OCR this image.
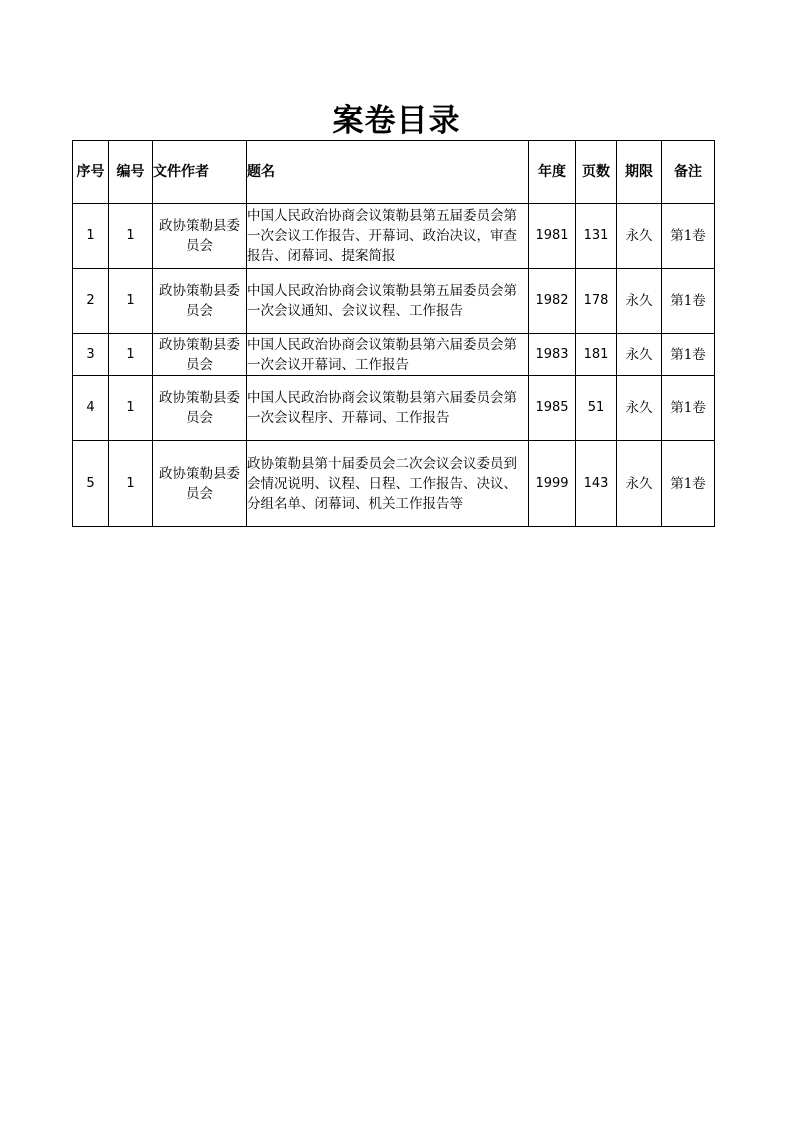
案卷目录
序号	编号	文件作者	题名	年度	页数	期限	备注
1	1	政协策勒县委员会	中国人民政治协商会议策勒县第五届委员会第一次会议工作报告、开幕词、政治决议，审查报告、闭幕词、提案简报	1981	131	永久	第1卷
2	1	政协策勒县委员会	中国人民政治协商会议策勒县第五届委员会第一次会议通知、会议议程、工作报告	1982	178	永久	第1卷
3	1	政协策勒县委员会	中国人民政治协商会议策勒县第六届委员会第一次会议开幕词、工作报告	1983	181	永久	第1卷
4	1	政协策勒县委员会	中国人民政治协商会议策勒县第六届委员会第一次会议程序、开幕词、工作报告	1985	51	永久	第1卷
5	1	政协策勒县委员会	政协策勒县第十届委员会二次会议会议委员到会情况说明、议程、日程、工作报告、决议、分组名单、闭幕词、机关工作报告等	1999	143	永久	第1卷
